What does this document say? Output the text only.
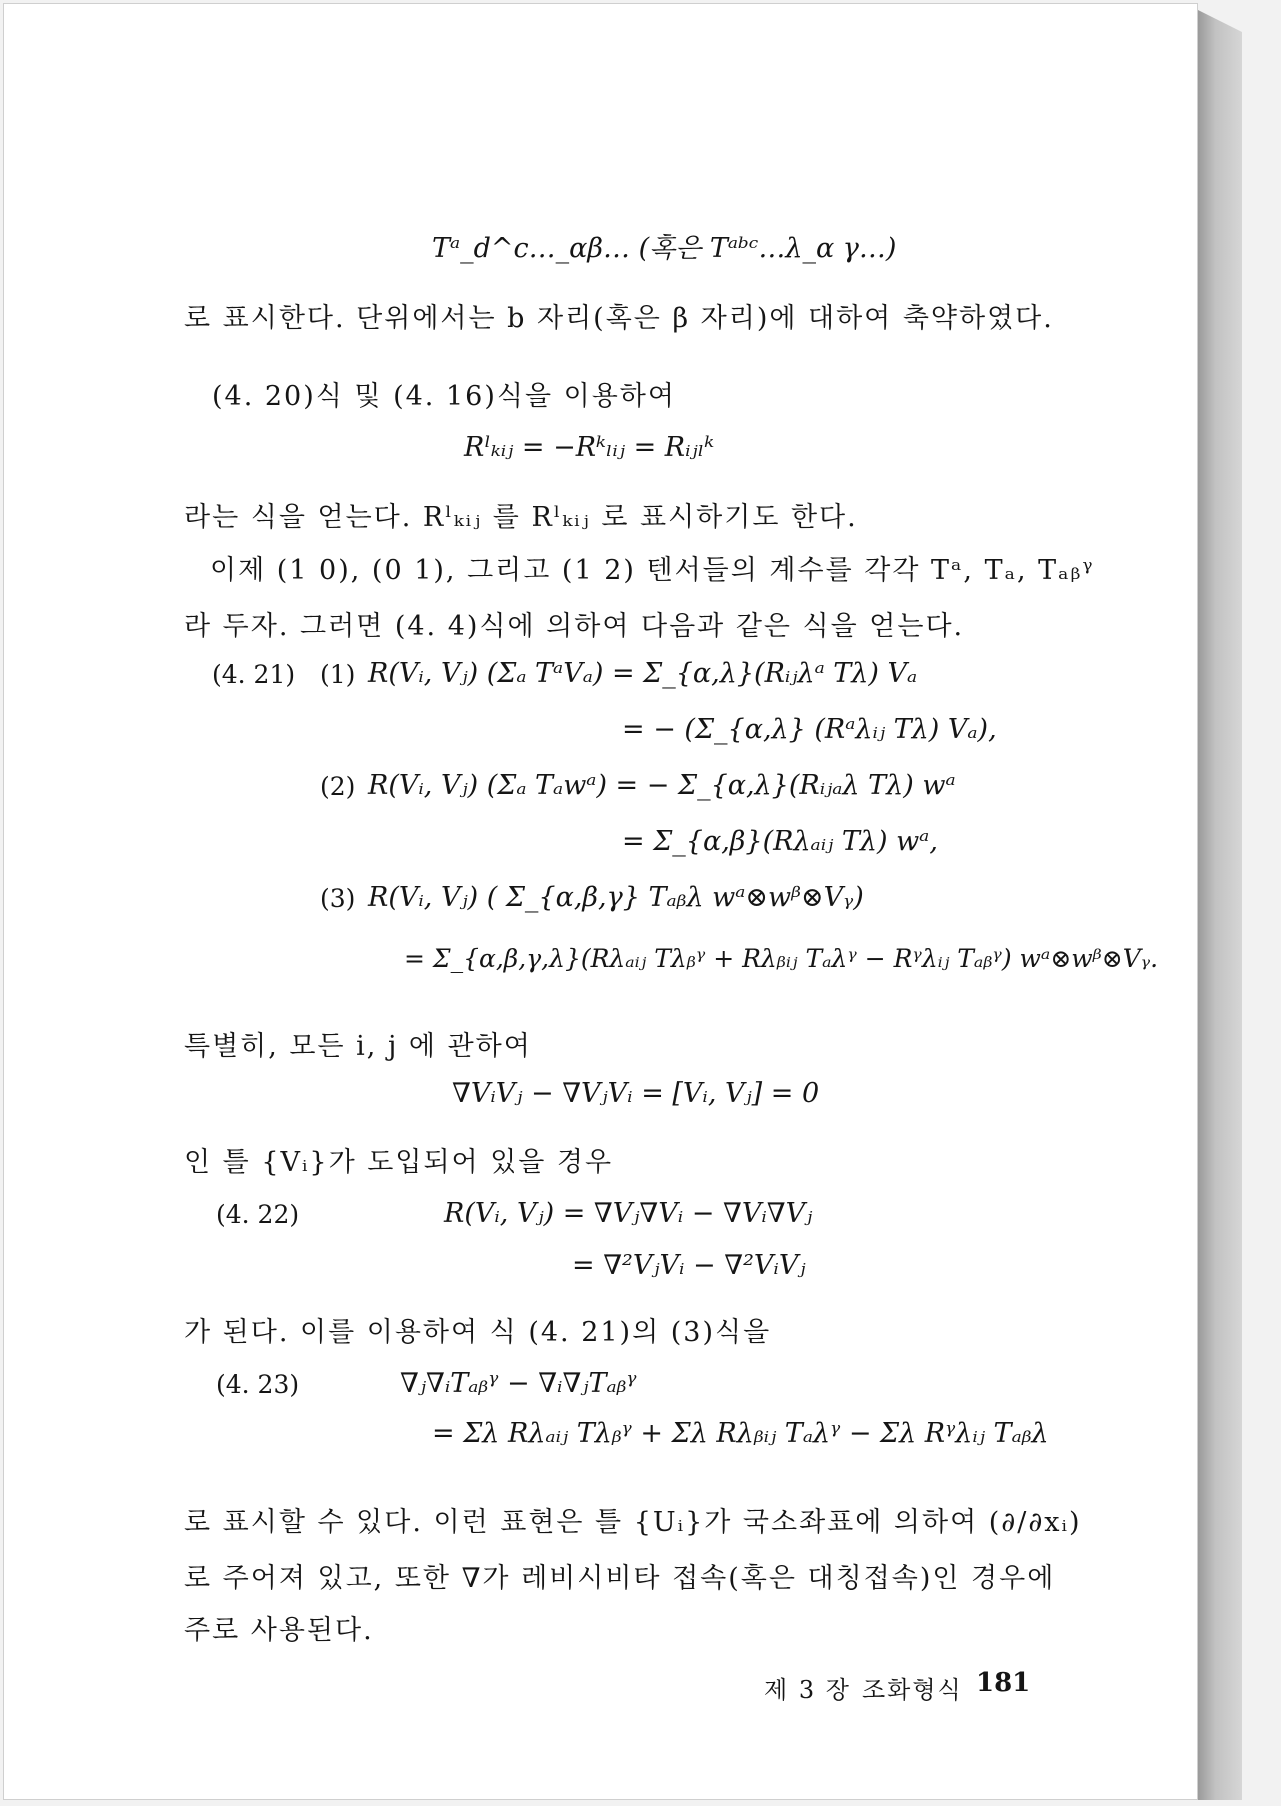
Tᵃ_d^c…_αβ… (혹은 Tᵃᵇᶜ…λ_α γ…)
로 표시한다. 단위에서는 b 자리(혹은 β 자리)에 대하여 축약하였다.
(4. 20)식 및 (4. 16)식을 이용하여
Rˡₖᵢⱼ = −Rᵏₗᵢⱼ = Rᵢⱼₗᵏ
라는 식을 얻는다. Rˡₖᵢⱼ 를 Rˡₖᵢⱼ 로 표시하기도 한다.
이제 (1 0), (0 1), 그리고 (1 2) 텐서들의 계수를 각각 Tᵃ, Tₐ, Tₐᵦᵞ
라 두자. 그러면 (4. 4)식에 의하여 다음과 같은 식을 얻는다.
(4. 21) (1) R(Vᵢ, Vⱼ) (Σₐ TᵃVₐ) = Σ_{α,λ}(Rᵢⱼλᵃ Tλ) Vₐ
= − (Σ_{α,λ} (Rᵃλᵢⱼ Tλ) Vₐ),
(2) R(Vᵢ, Vⱼ) (Σₐ Tₐwᵃ) = − Σ_{α,λ}(Rᵢⱼₐλ Tλ) wᵃ
= Σ_{α,β}(Rλₐᵢⱼ Tλ) wᵃ,
(3) R(Vᵢ, Vⱼ) ( Σ_{α,β,γ} Tₐᵦλ wᵃ⊗wᵝ⊗Vᵧ)
= Σ_{α,β,γ,λ}(Rλₐᵢⱼ Tλᵦᵞ + Rλᵦᵢⱼ Tₐλᵞ − Rᵞλᵢⱼ Tₐᵦᵞ) wᵃ⊗wᵝ⊗Vᵧ.
특별히, 모든 i, j 에 관하여
∇VᵢVⱼ − ∇VⱼVᵢ = [Vᵢ, Vⱼ] = 0
인 틀 {Vᵢ}가 도입되어 있을 경우
(4. 22)	R(Vᵢ, Vⱼ) = ∇Vⱼ∇Vᵢ − ∇Vᵢ∇Vⱼ
= ∇²VⱼVᵢ − ∇²VᵢVⱼ
가 된다. 이를 이용하여 식 (4. 21)의 (3)식을
(4. 23)	∇ⱼ∇ᵢTₐᵦᵞ − ∇ᵢ∇ⱼTₐᵦᵞ
= Σλ Rλₐᵢⱼ Tλᵦᵞ + Σλ Rλᵦᵢⱼ Tₐλᵞ − Σλ Rᵞλᵢⱼ Tₐᵦλ
로 표시할 수 있다. 이런 표현은 틀 {Uᵢ}가 국소좌표에 의하여 (∂/∂xᵢ)
로 주어져 있고, 또한 ∇가 레비시비타 접속(혹은 대칭접속)인 경우에
주로 사용된다.
제 3 장 조화형식 181
